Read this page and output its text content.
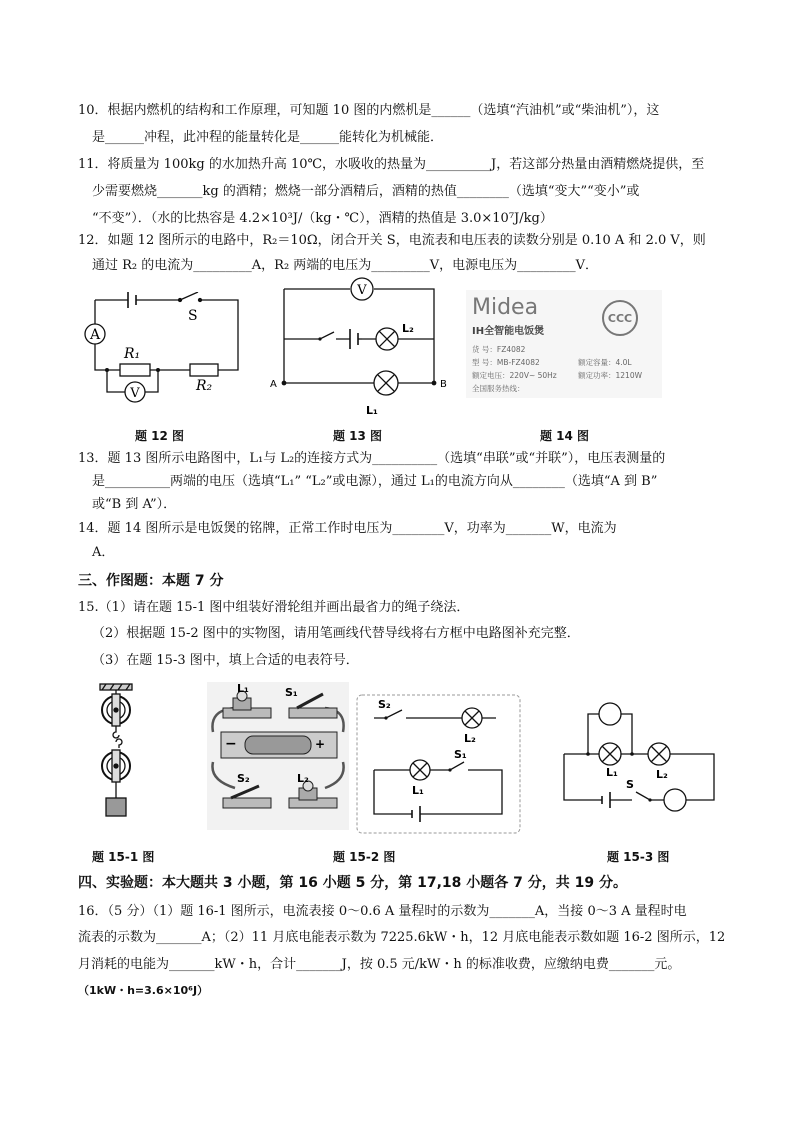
10．根据内燃机的结构和工作原理，可知题 10 图的内燃机是______（选填“汽油机”或“柴油机”），这
是______冲程，此冲程的能量转化是______能转化为机械能．
11．将质量为 100kg 的水加热升高 10℃，水吸收的热量为__________J，若这部分热量由酒精燃烧提供，至
少需要燃烧_______kg 的酒精；燃烧一部分酒精后，酒精的热值________（选填“变大”“变小”或
“不变”）．（水的比热容是 4.2×10³J/（kg・℃），酒精的热值是 3.0×10⁷J/kg）
12．如题 12 图所示的电路中，R₂＝10Ω，闭合开关 S，电流表和电压表的读数分别是 0.10 A 和 2.0 V，则
通过 R₂ 的电流为_________A，R₂ 两端的电压为_________V，电源电压为_________V．
A
S
R₁
R₂
V
V
L₂
L₁
A	B
Midea
IH全智能电饭煲
CCC
货 号：FZ4082
型 号：MB-FZ4082
额定电压：220V~ 50Hz
全国服务热线：
额定容量：4.0L
额定功率：1210W
题 12 图	题 13 图	题 14 图
13．题 13 图所示电路图中，L₁与 L₂的连接方式为__________（选填“串联”或“并联”），电压表测量的
是__________两端的电压（选填“L₁” “L₂”或电源），通过 L₁的电流方向从________（选填“A 到 B”
或“B 到 A”）．
14．题 14 图所示是电饭煲的铭牌，正常工作时电压为________V，功率为_______W，电流为
A．
三、作图题：本题 7 分
15.（1）请在题 15-1 图中组装好滑轮组并画出最省力的绳子绕法．
（2）根据题 15-2 图中的实物图，请用笔画线代替导线将右方框中电路图补充完整．
（3）在题 15-3 图中，填上合适的电表符号．
L₁	S₁
−	+
S₂	L₂
S₂
L₂
L₁
S₁
L₁	L₂
S
题 15-1 图	题 15-2 图	题 15-3 图
四、实验题：本大题共 3 小题，第 16 小题 5 分，第 17,18 小题各 7 分，共 19 分。
16．（5 分）（1）题 16-1 图所示，电流表接 0～0.6 A 量程时的示数为_______A，当接 0～3 A 量程时电
流表的示数为_______A；（2）11 月底电能表示数为 7225.6kW・h，12 月底电能表示数如题 16-2 图所示，12
月消耗的电能为_______kW・h，合计_______J，按 0.5 元/kW・h 的标准收费，应缴纳电费_______元。
（1kW・h=3.6×10⁶J）
